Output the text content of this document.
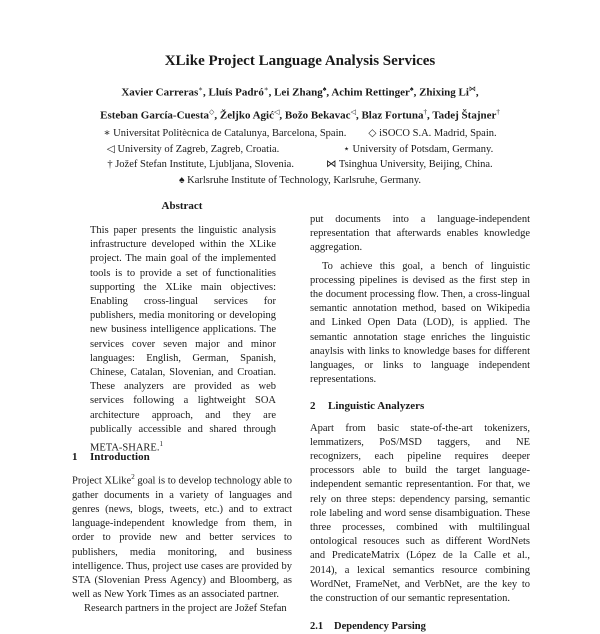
XLike Project Language Analysis Services
Xavier Carreras∗, Lluís Padró∗, Lei Zhang♠, Achim Rettinger♠, Zhixing Li⋈,
Esteban García-Cuesta◇, Željko Agić◁, Božo Bekavac◁, Blaz Fortuna†, Tadej Štajner†
∗ Universitat Politècnica de Catalunya, Barcelona, Spain. ◇ iSOCO S.A. Madrid, Spain.
◁ University of Zagreb, Zagreb, Croatia.	⋆ University of Potsdam, Germany.
† Jožef Stefan Institute, Ljubljana, Slovenia.	⋈ Tsinghua University, Beijing, China.
♠ Karlsruhe Institute of Technology, Karlsruhe, Germany.
Abstract
This paper presents the linguistic analysis infrastructure developed within the XLike project. The main goal of the implemented tools is to provide a set of functionalities supporting the XLike main objectives: Enabling cross-lingual services for publishers, media monitoring or developing new business intelligence applications. The services cover seven major and minor languages: English, German, Spanish, Chinese, Catalan, Slovenian, and Croatian. These analyzers are provided as web services following a lightweight SOA architecture approach, and they are publically accessible and shared through META-SHARE.$^1$
1 Introduction

Project XLike$^2$ goal is to develop technology able to gather documents in a variety of languages and genres (news, blogs, tweets, etc.) and to extract language-independent knowledge from them, in order to provide new and better services to publishers, media monitoring, and business intelligence. Thus, project use cases are provided by STA (Slovenian Press Agency) and Bloomberg, as well as New York Times as an associated partner.

Research partners in the project are Jožef Stefan

put documents into a language-independent representation that afterwards enables knowledge aggregation.

To achieve this goal, a bench of linguistic processing pipelines is devised as the first step in the document processing flow. Then, a cross-lingual semantic annotation method, based on Wikipedia and Linked Open Data (LOD), is applied. The semantic annotation stage enriches the linguistic anaylsis with links to knowledge bases for different languages, or links to language independent representations.

2 Linguistic Analyzers

Apart from basic state-of-the-art tokenizers, lemmatizers, PoS/MSD taggers, and NE recognizers, each pipeline requires deeper processors able to build the target language-independent semantic representantion. For that, we rely on three steps: dependency parsing, semantic role labeling and word sense disambiguation. These three processes, combined with multilingual ontological resouces such as different WordNets and PredicateMatrix (López de la Calle et al., 2014), a lexical semantics resource combining WordNet, FrameNet, and VerbNet, are the key to the construction of our semantic representation.

2.1 Dependency Parsing
